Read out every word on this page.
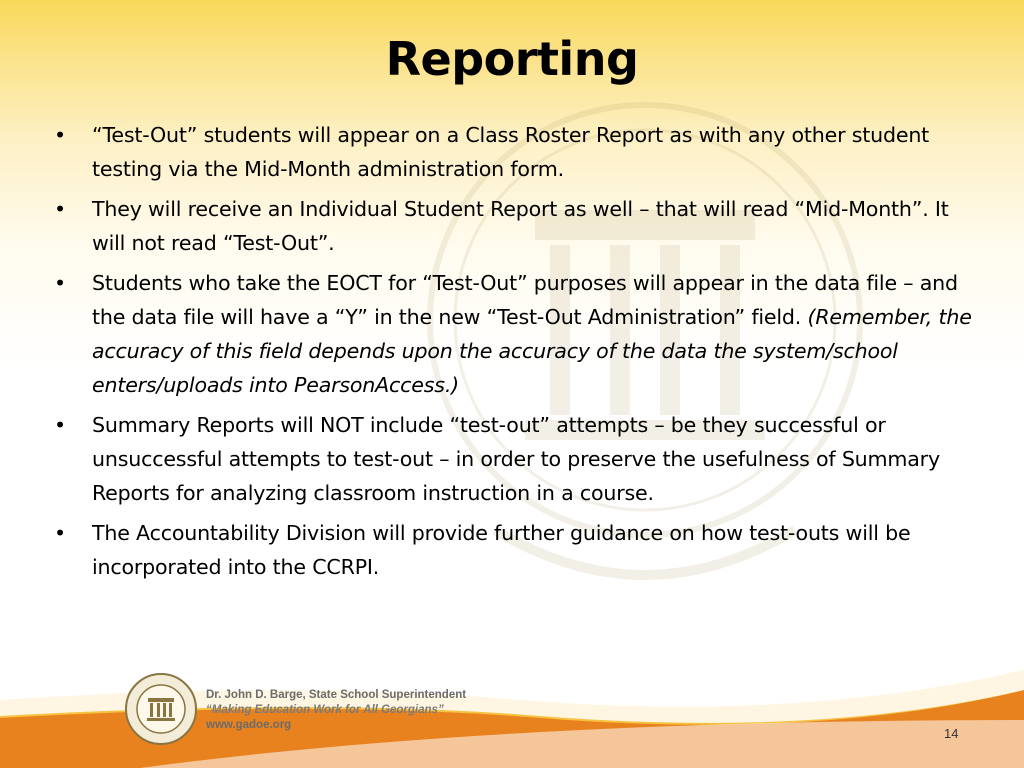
Reporting
• “Test-Out” students will appear on a Class Roster Report as with any other student testing via the Mid-Month administration form.
• They will receive an Individual Student Report as well – that will read “Mid-Month”. It will not read “Test-Out”.
• Students who take the EOCT for “Test-Out” purposes will appear in the data file – and the data file will have a “Y” in the new “Test-Out Administration” field. (Remember, the accuracy of this field depends upon the accuracy of the data the system/school enters/uploads into PearsonAccess.)
• Summary Reports will NOT include “test-out” attempts – be they successful or unsuccessful attempts to test-out – in order to preserve the usefulness of Summary Reports for analyzing classroom instruction in a course.
• The Accountability Division will provide further guidance on how test-outs will be incorporated into the CCRPI.
Dr. John D. Barge, State School Superintendent
“Making Education Work for All Georgians”
www.gadoe.org
14
